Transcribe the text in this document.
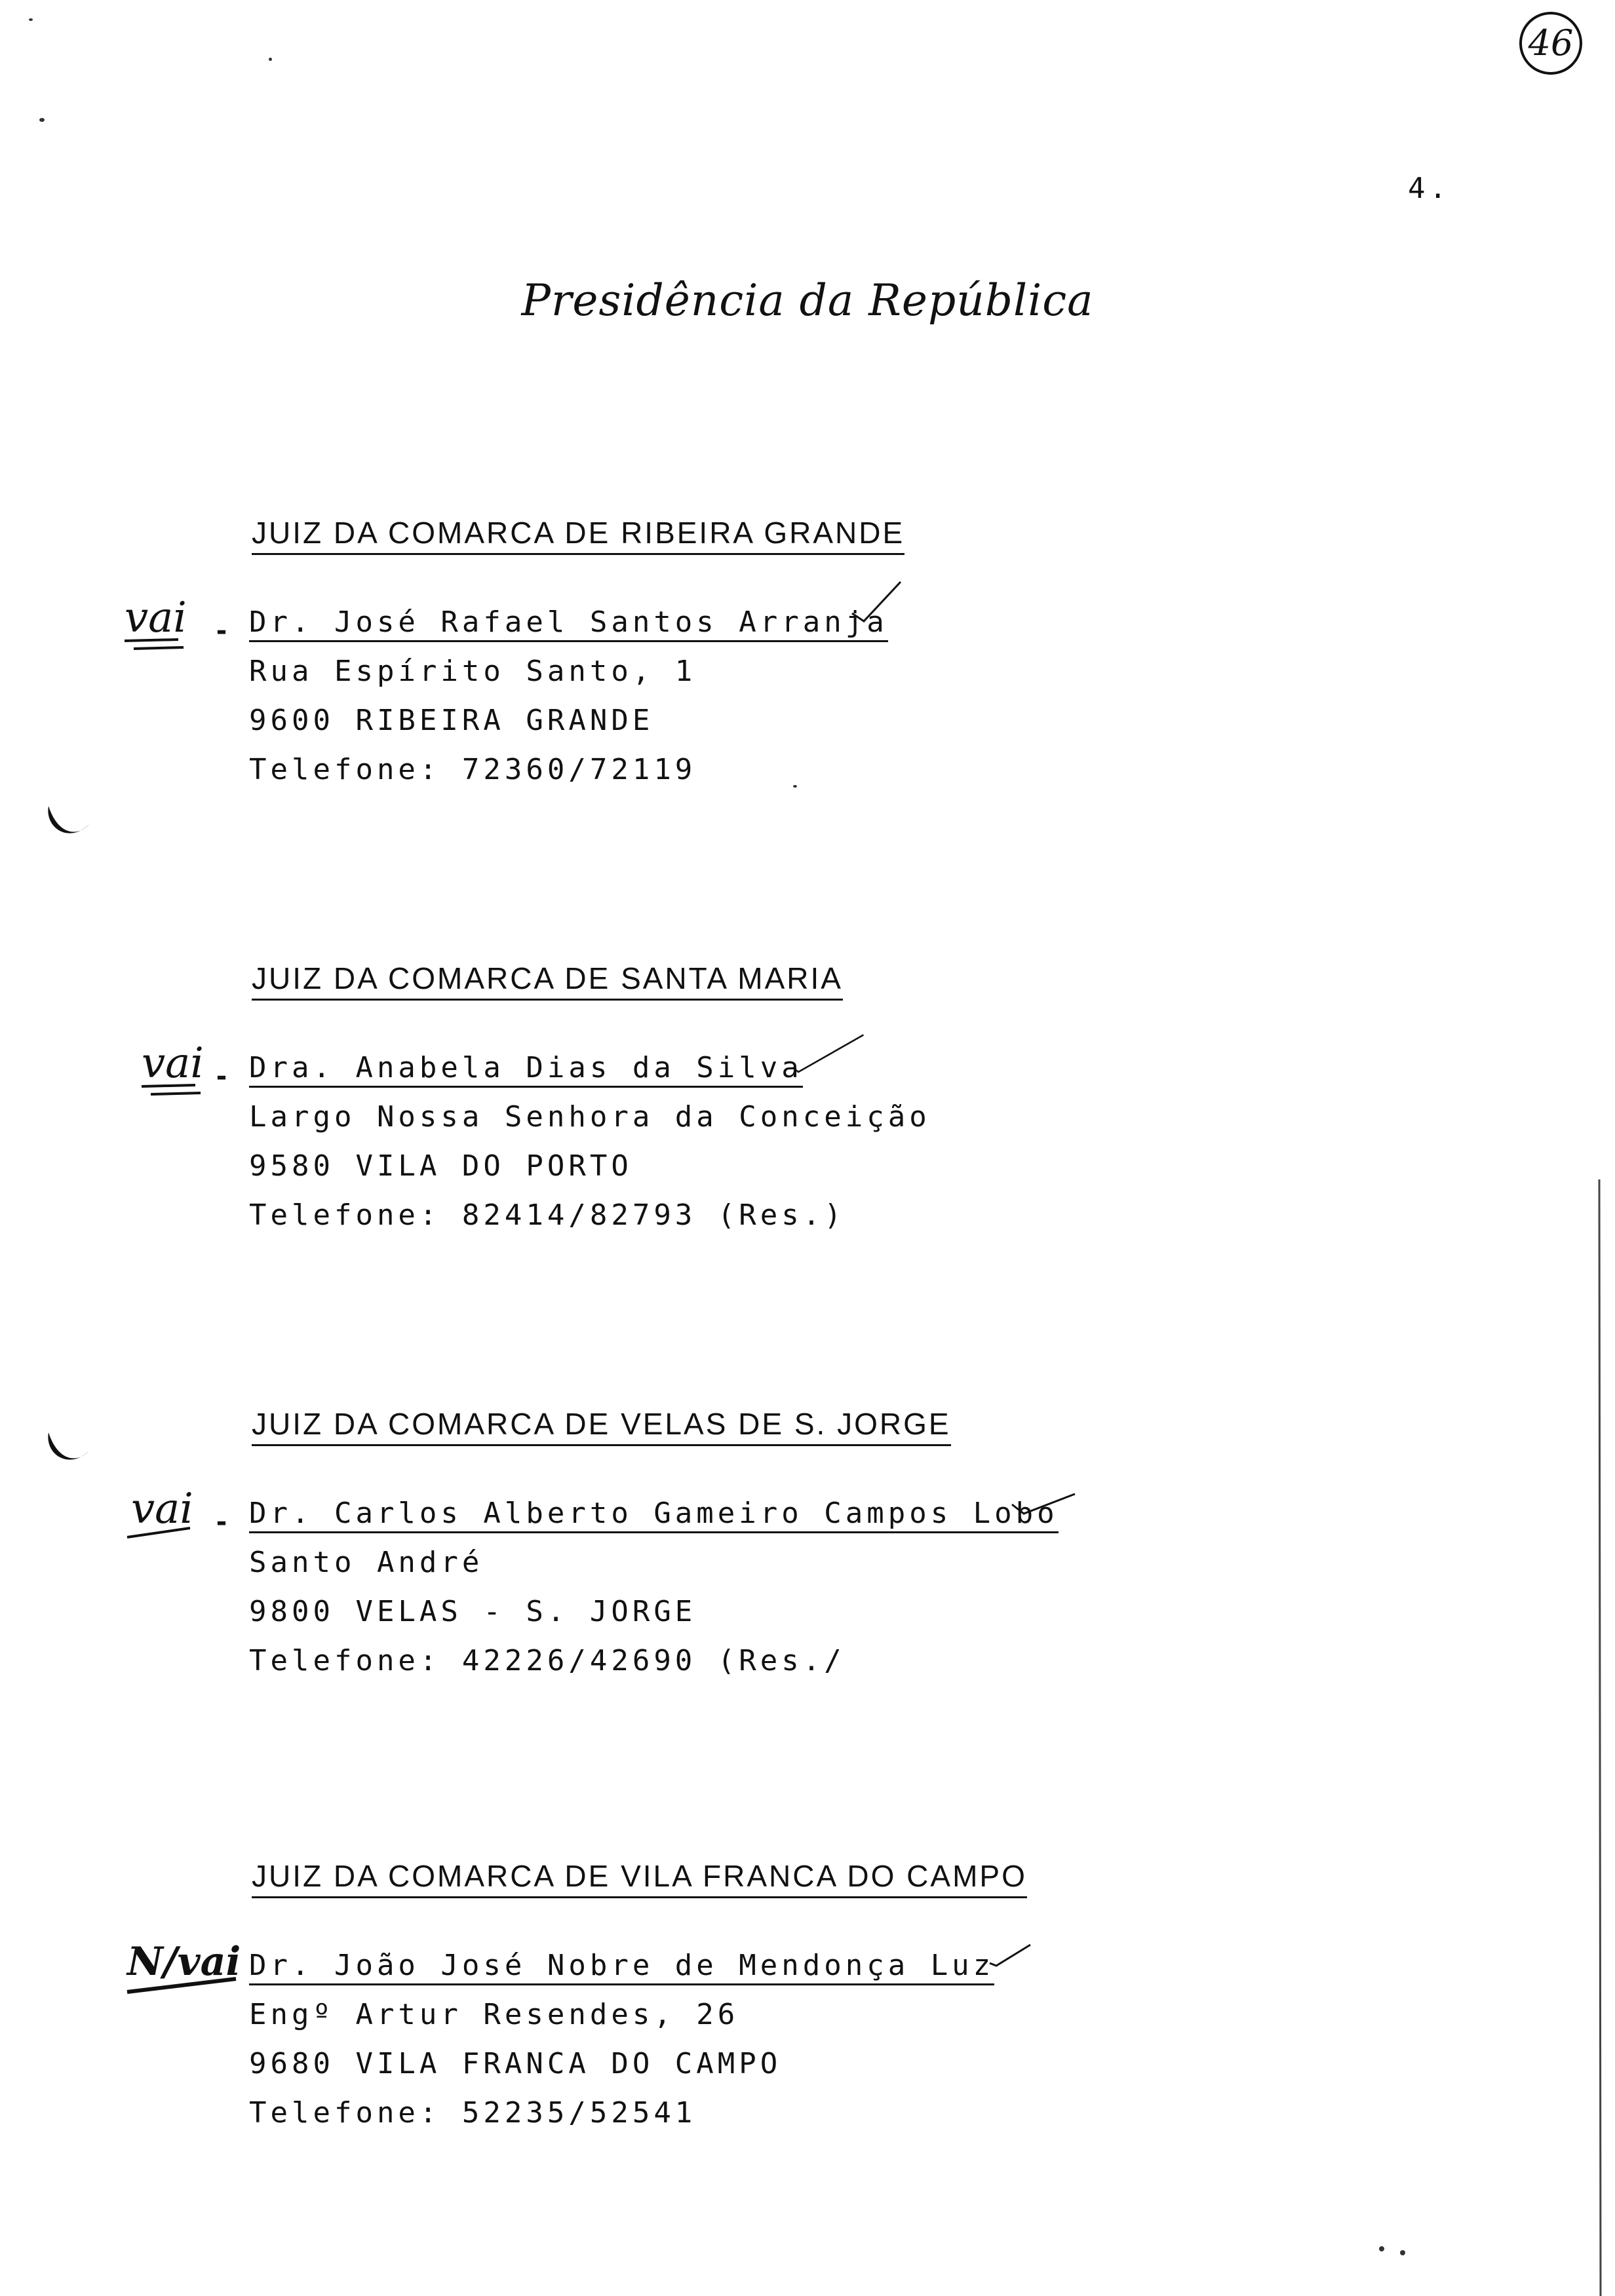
46
4.
Presidência da República
JUIZ DA COMARCA DE RIBEIRA GRANDE
vai - Dr. José Rafael Santos Arranja
Rua Espírito Santo, 1
9600 RIBEIRA GRANDE
Telefone: 72360/72119
JUIZ DA COMARCA DE SANTA MARIA
vai - Dra. Anabela Dias da Silva
Largo Nossa Senhora da Conceição
9580 VILA DO PORTO
Telefone: 82414/82793 (Res.)
JUIZ DA COMARCA DE VELAS DE S. JORGE
vai - Dr. Carlos Alberto Gameiro Campos Lobo
Santo André
9800 VELAS - S. JORGE
Telefone: 42226/42690 (Res./
JUIZ DA COMARCA DE VILA FRANCA DO CAMPO
N/vai Dr. João José Nobre de Mendonça Luz
Engº Artur Resendes, 26
9680 VILA FRANCA DO CAMPO
Telefone: 52235/52541
